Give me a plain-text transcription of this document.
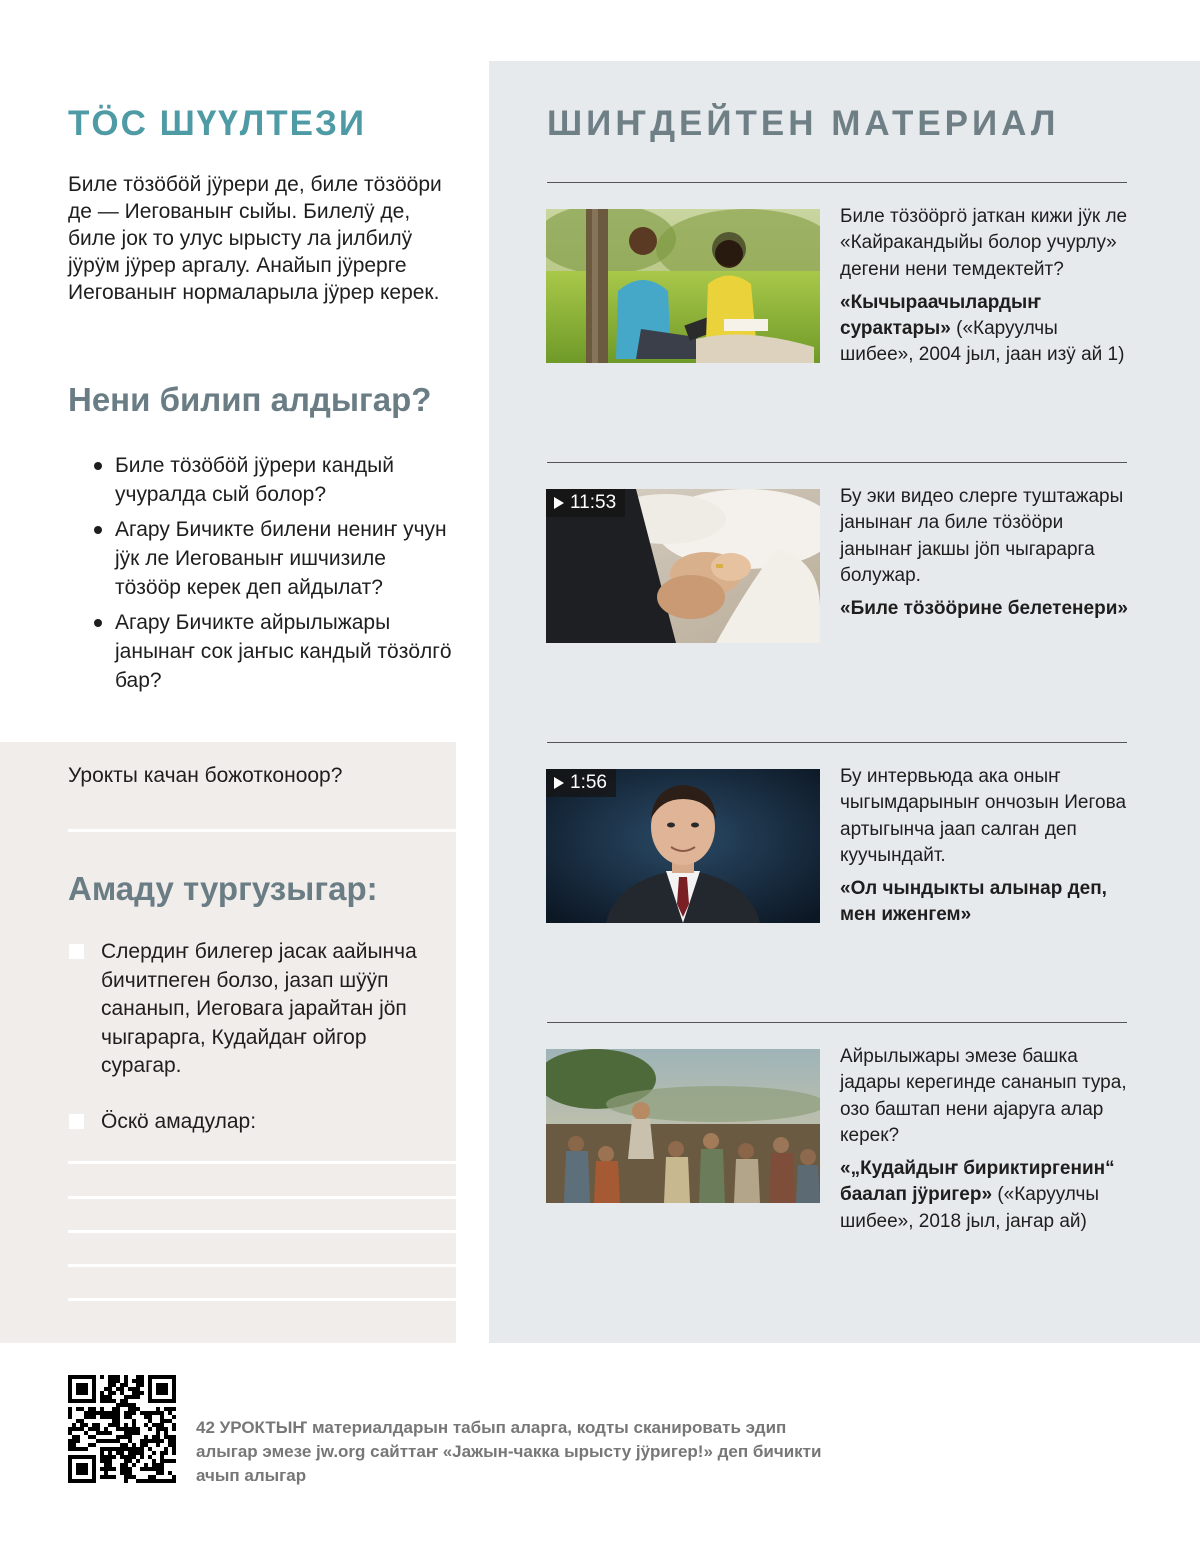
ТӦС ШҮҮЛТЕЗИ

Биле тӧзӧбӧй јӱрери де, биле тӧзӧӧри де — Иегованыҥ сыйы. Билелӱ де, биле јок то улус ырысту ла јилбилӱ јӱрӱм јӱрер аргалу. Анайып јӱрерге Иегованыҥ нормаларыла јӱрер керек.

Нени билип алдыгар?
Биле тӧзӧбӧй јӱрери кандый учуралда сый болор?
Агару Бичикте билени нениҥ учун јӱк ле Иегованыҥ ишчизиле тӧзӧӧр керек деп айдылат?
Агару Бичикте айрылыжары јанынаҥ сок јаҥыс кандый тӧзӧлгӧ бар?
Урокты качан божотконоор?
Амаду тургузыгар:
Слердиҥ билегер јасак аайынча бичитпеген болзо, јазап шӱӱп сананып, Иеговага јарайтан јӧп чыгарарга, Кудайдаҥ ойгор сурагар.
Ӧскӧ амадулар:
ШИҤДЕЙТЕН МАТЕРИАЛ

Биле тӧзӧӧргӧ јаткан кижи јӱк ле «Кайракандыйы болор учурлу» дегени нени темдектейт?

«Кычыраачылардыҥ сурактары» («Каруулчы шибее», 2004 јыл, јаан изӱ ай 1)

11:53	Бу эки видео слерге туштажары јанынаҥ ла биле тӧзӧӧри јанынаҥ јакшы јӧп чыгарарга болужар.

«Биле тӧзӧӧрине белетенери»

1:56	Бу интервьюда ака оныҥ чыгымдарыныҥ ончозын Иегова артыгынча јаап салган деп куучындайт.

«Ол чындыкты алынар деп, мен иженгем»

Айрылыжары эмезе башка јадары керегинде сананып тура, озо баштап нени ајаруга алар керек?

«„Кудайдыҥ бириктиргенин“ баалап јӱригер» («Каруулчы шибее», 2018 јыл, јаҥар ай)

42 УРОКТЫҤ материалдарын табып аларга, кодты сканировать эдип алыгар эмезе jw.org сайттаҥ «Јажын-чакка ырысту јӱригер!» деп бичикти ачып алыгар
